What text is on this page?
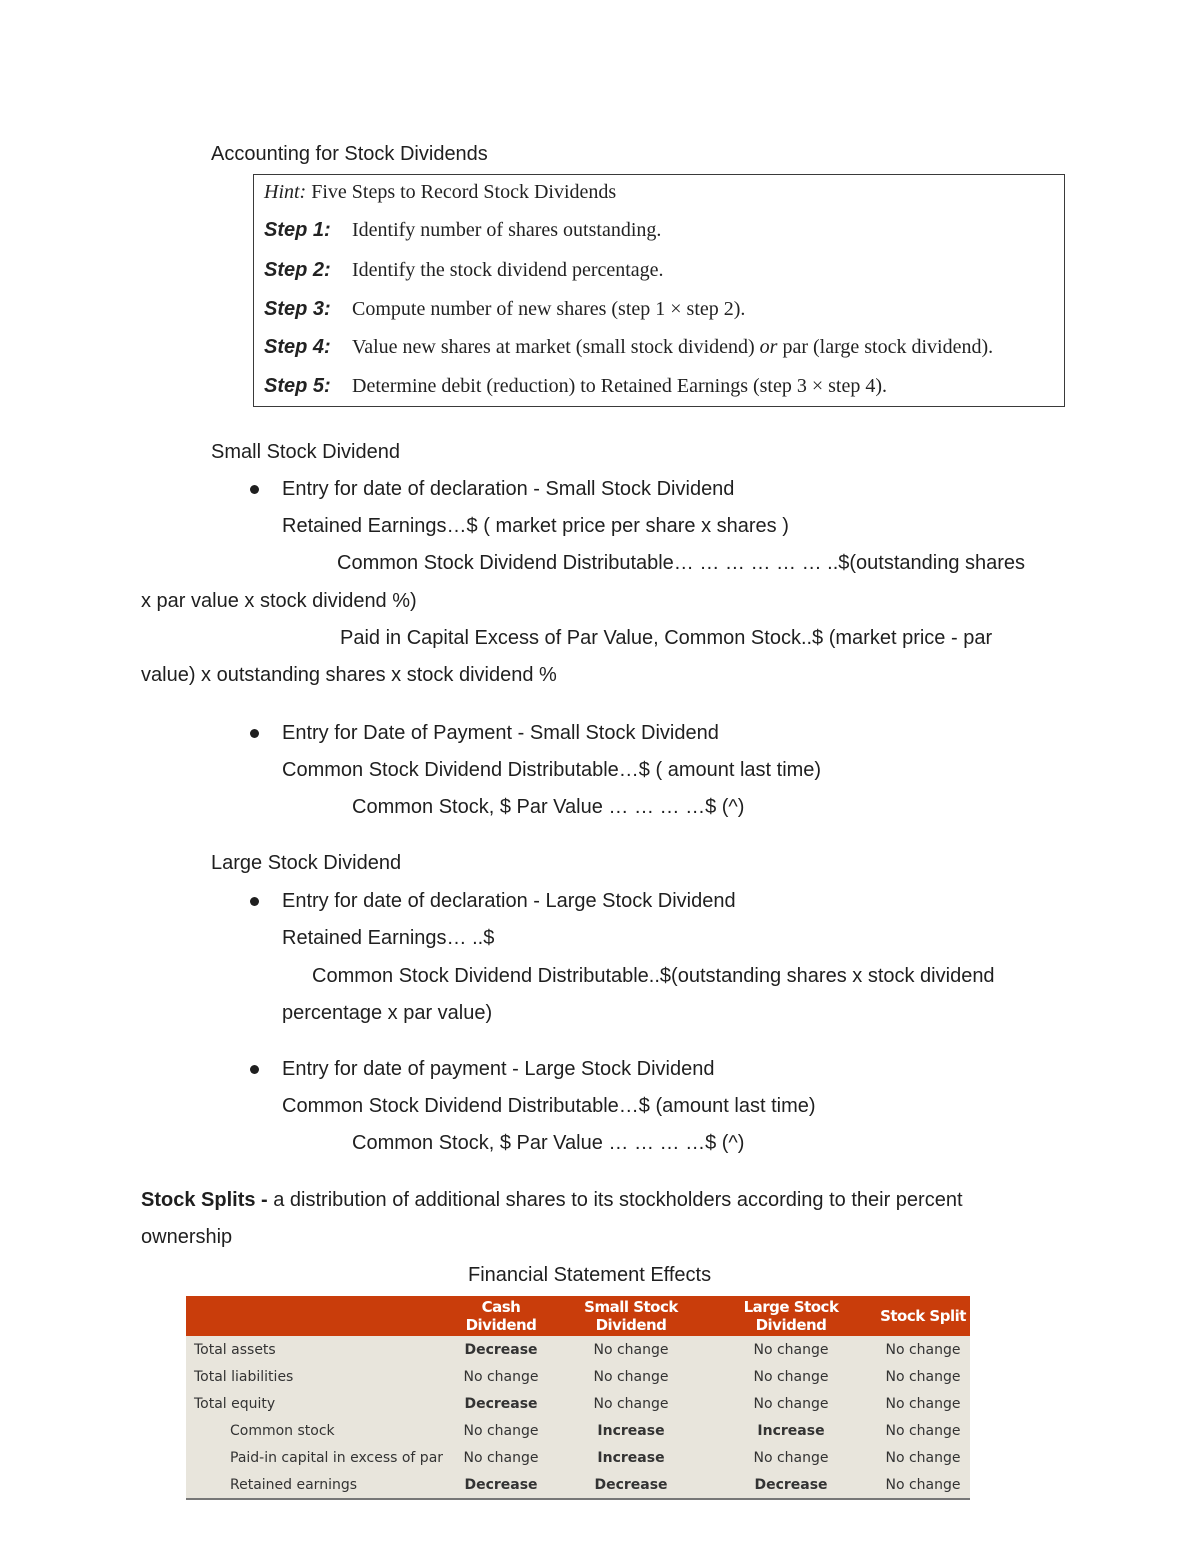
Accounting for Stock Dividends
Hint: Five Steps to Record Stock Dividends
Step 1: Identify number of shares outstanding.
Step 2: Identify the stock dividend percentage.
Step 3: Compute number of new shares (step 1 × step 2).
Step 4: Value new shares at market (small stock dividend) or par (large stock dividend).
Step 5: Determine debit (reduction) to Retained Earnings (step 3 × step 4).
Small Stock Dividend
Entry for date of declaration - Small Stock Dividend
Retained Earnings…$ ( market price per share x shares )
Common Stock Dividend Distributable… … … … … … ..$(outstanding shares
x par value x stock dividend %)
Paid in Capital Excess of Par Value, Common Stock..$ (market price - par
value) x outstanding shares x stock dividend %
Entry for Date of Payment - Small Stock Dividend
Common Stock Dividend Distributable…$ ( amount last time)
Common Stock, $ Par Value … … … …$ (^)
Large Stock Dividend
Entry for date of declaration - Large Stock Dividend
Retained Earnings… ..$
Common Stock Dividend Distributable..$(outstanding shares x stock dividend
percentage x par value)
Entry for date of payment - Large Stock Dividend
Common Stock Dividend Distributable…$ (amount last time)
Common Stock, $ Par Value … … … …$ (^)
Stock Splits - a distribution of additional shares to its stockholders according to their percent
ownership
Financial Statement Effects
	Cash Dividend	Small Stock Dividend	Large Stock Dividend	Stock Split
Total assets	Decrease	No change	No change	No change
Total liabilities	No change	No change	No change	No change
Total equity	Decrease	No change	No change	No change
Common stock	No change	Increase	Increase	No change
Paid-in capital in excess of par	No change	Increase	No change	No change
Retained earnings	Decrease	Decrease	Decrease	No change
